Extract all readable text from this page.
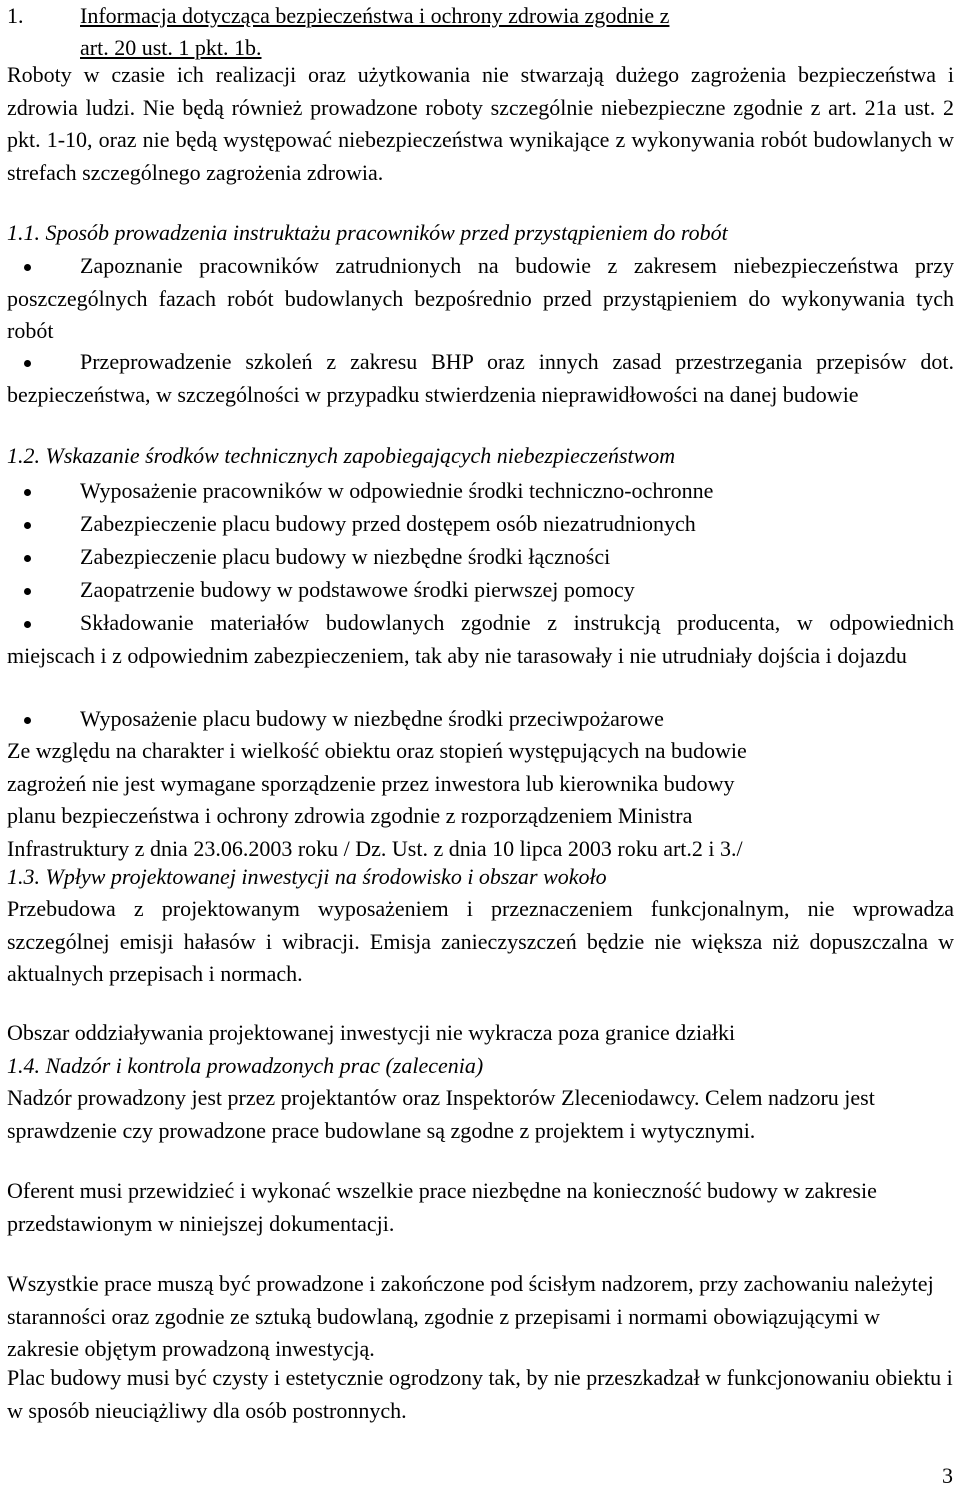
1.	Informacja dotycząca bezpieczeństwa i ochrony zdrowia zgodnie z
art. 20 ust. 1 pkt. 1b.
Roboty w czasie ich realizacji oraz użytkowania nie stwarzają dużego zagrożenia bezpieczeństwa i zdrowia ludzi. Nie będą również prowadzone roboty szczególnie niebezpieczne zgodnie z art. 21a ust. 2 pkt. 1-10, oraz nie będą występować niebezpieczeństwa wynikające z wykonywania robót budowlanych w strefach szczególnego zagrożenia zdrowia.
1.1. Sposób prowadzenia instruktażu pracowników przed przystąpieniem do robót
Zapoznanie pracowników zatrudnionych na budowie z zakresem niebezpieczeństwa przy poszczególnych fazach robót budowlanych bezpośrednio przed przystąpieniem do wykonywania tych robót
Przeprowadzenie szkoleń z zakresu BHP oraz innych zasad przestrzegania przepisów dot. bezpieczeństwa, w szczególności w przypadku stwierdzenia nieprawidłowości na danej budowie
1.2. Wskazanie środków technicznych zapobiegających niebezpieczeństwom
Wyposażenie pracowników w odpowiednie środki techniczno-ochronne
Zabezpieczenie placu budowy przed dostępem osób niezatrudnionych
Zabezpieczenie placu budowy w niezbędne środki łączności
Zaopatrzenie budowy w podstawowe środki pierwszej pomocy
Składowanie materiałów budowlanych zgodnie z instrukcją producenta, w odpowiednich miejscach i z odpowiednim zabezpieczeniem, tak aby nie tarasowały i nie utrudniały dojścia i dojazdu
Wyposażenie placu budowy w niezbędne środki przeciwpożarowe
Ze względu na charakter i wielkość obiektu oraz stopień występujących na budowie
zagrożeń nie jest wymagane sporządzenie przez inwestora lub kierownika budowy
planu bezpieczeństwa i ochrony zdrowia zgodnie z rozporządzeniem Ministra
Infrastruktury z dnia 23.06.2003 roku / Dz. Ust. z dnia 10 lipca 2003 roku art.2 i 3./
1.3. Wpływ projektowanej inwestycji na środowisko i obszar wokoło
Przebudowa z projektowanym wyposażeniem i przeznaczeniem funkcjonalnym, nie wprowadza szczególnej emisji hałasów i wibracji. Emisja zanieczyszczeń będzie nie większa niż dopuszczalna w aktualnych przepisach i normach.
Obszar oddziaływania projektowanej inwestycji nie wykracza poza granice działki
1.4. Nadzór i kontrola prowadzonych prac (zalecenia)
Nadzór prowadzony jest przez projektantów oraz Inspektorów Zleceniodawcy. Celem nadzoru jest sprawdzenie czy prowadzone prace budowlane są zgodne z projektem i wytycznymi.
Oferent musi przewidzieć i wykonać wszelkie prace niezbędne na konieczność budowy w zakresie przedstawionym w niniejszej dokumentacji.
Wszystkie prace muszą być prowadzone i zakończone pod ścisłym nadzorem, przy zachowaniu należytej staranności oraz zgodnie ze sztuką budowlaną, zgodnie z przepisami i normami obowiązującymi w zakresie objętym prowadzoną inwestycją.
Plac budowy musi być czysty i estetycznie ogrodzony tak, by nie przeszkadzał w funkcjonowaniu obiektu i w sposób nieuciążliwy dla osób postronnych.
3
